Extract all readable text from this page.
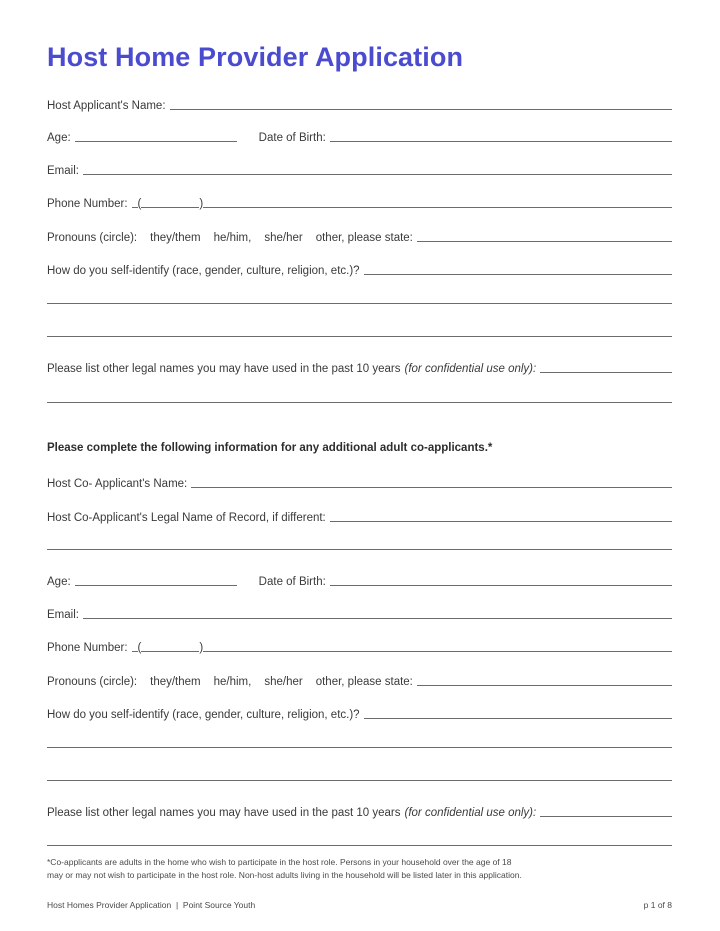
Host Home Provider Application
Host Applicant's Name:
Age:	Date of Birth:
Email:
Phone Number: (	)
Pronouns (circle):	they/them	he/him,	she/her	other, please state:
How do you self-identify (race, gender, culture, religion, etc.)?
Please list other legal names you may have used in the past 10 years (for confidential use only):
Please complete the following information for any additional adult co-applicants.*
Host Co- Applicant's Name:
Host Co-Applicant's Legal Name of Record, if different:
Age:	Date of Birth:
Email:
Phone Number: (	)
Pronouns (circle):	they/them	he/him,	she/her	other, please state:
How do you self-identify (race, gender, culture, religion, etc.)?
Please list other legal names you may have used in the past 10 years (for confidential use only):
*Co-applicants are adults in the home who wish to participate in the host role. Persons in your household over the age of 18
may or may not wish to participate in the host role. Non-host adults living in the household will be listed later in this application.
Host Homes Provider Application  |  Point Source Youth	p 1 of 8
